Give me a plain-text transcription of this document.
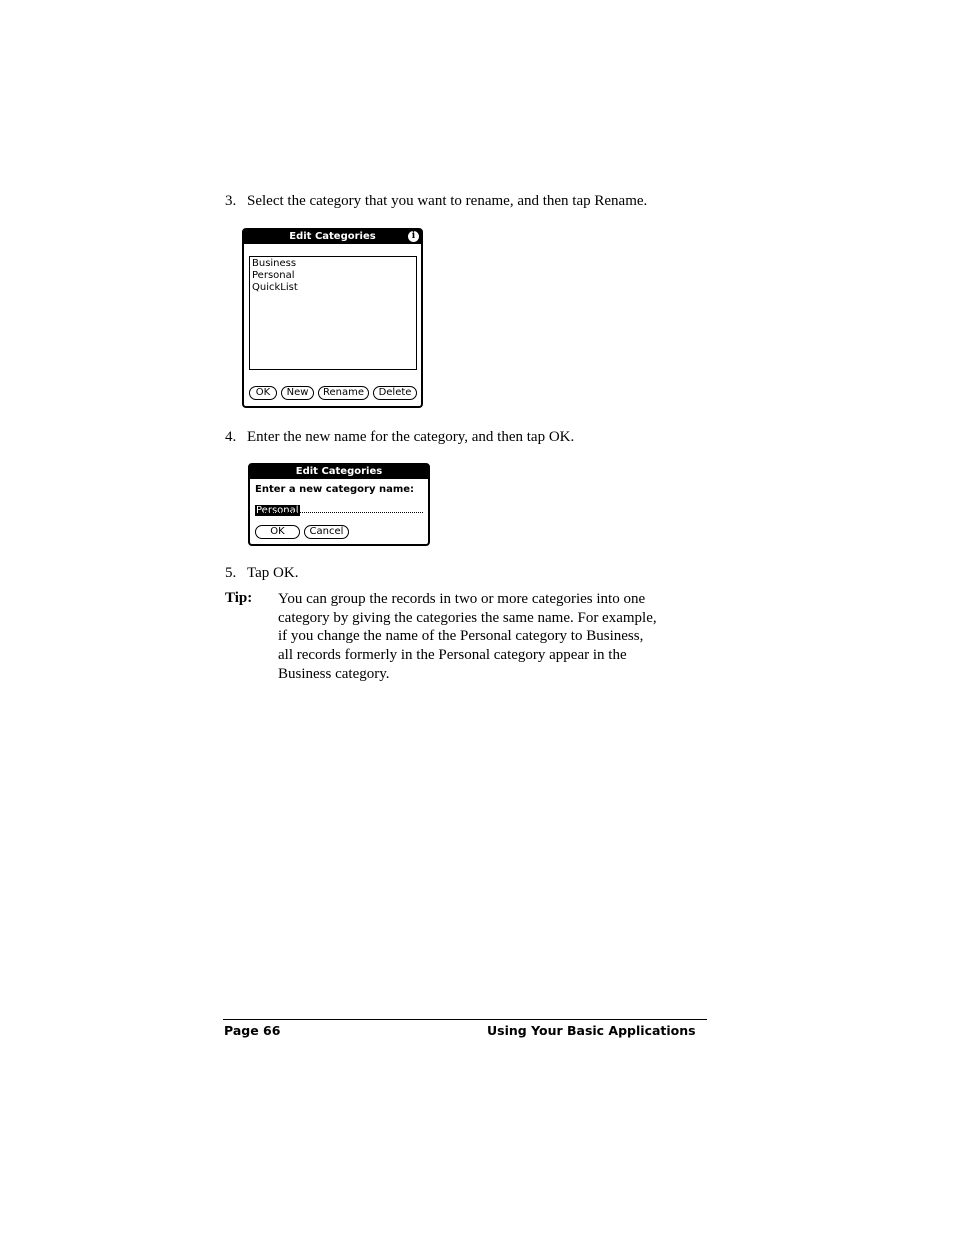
3. Select the category that you want to rename, and then tap Rename.
Edit Categories	i
Business
Personal
QuickList
OK	New	Rename	Delete
4. Enter the new name for the category, and then tap OK.
Edit Categories
Enter a new category name:
Personal
OK	Cancel
5. Tap OK.
Tip: You can group the records in two or more categories into one
category by giving the categories the same name. For example,
if you change the name of the Personal category to Business,
all records formerly in the Personal category appear in the
Business category.
Page 66	Using Your Basic Applications
